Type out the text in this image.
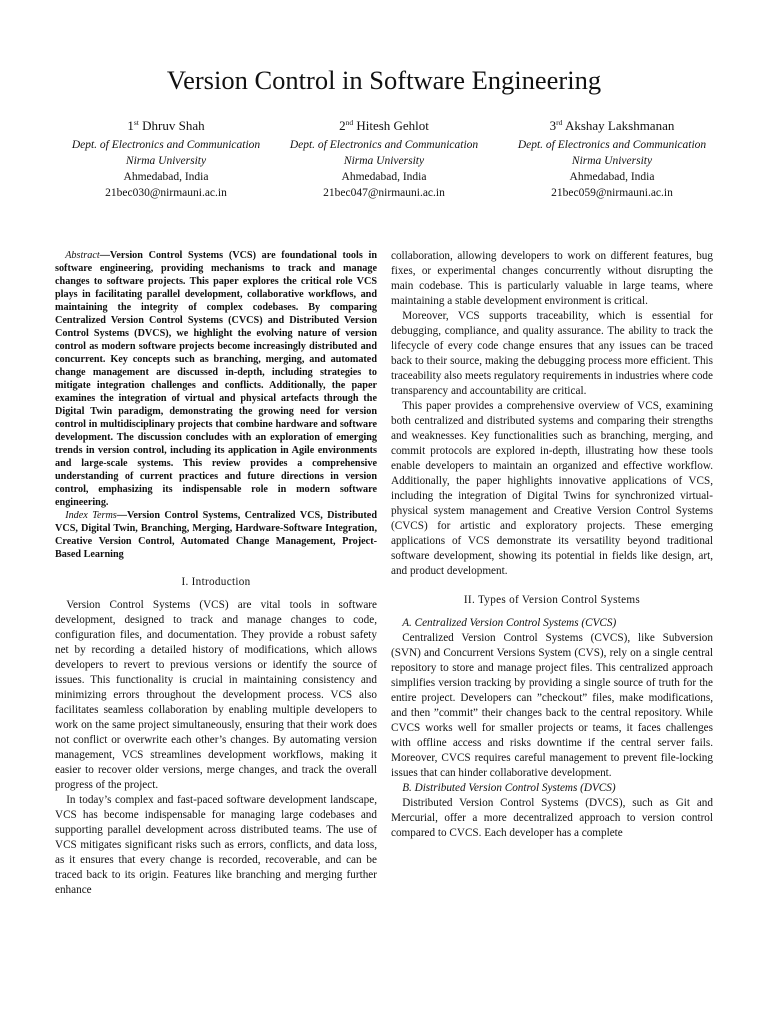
Version Control in Software Engineering
1st Dhruv Shah
Dept. of Electronics and Communication
Nirma University
Ahmedabad, India
21bec030@nirmauni.ac.in
2nd Hitesh Gehlot
Dept. of Electronics and Communication
Nirma University
Ahmedabad, India
21bec047@nirmauni.ac.in
3rd Akshay Lakshmanan
Dept. of Electronics and Communication
Nirma University
Ahmedabad, India
21bec059@nirmauni.ac.in

Abstract—Version Control Systems (VCS) are foundational tools in software engineering, providing mechanisms to track and manage changes to software projects. This paper explores the critical role VCS plays in facilitating parallel development, collaborative workflows, and maintaining the integrity of complex codebases. By comparing Centralized Version Control Systems (CVCS) and Distributed Version Control Systems (DVCS), we highlight the evolving nature of version control as modern software projects become increasingly distributed and concurrent. Key concepts such as branching, merging, and automated change management are discussed in-depth, including strategies to mitigate integration challenges and conflicts. Additionally, the paper examines the integration of virtual and physical artefacts through the Digital Twin paradigm, demonstrating the growing need for version control in multidisciplinary projects that combine hardware and software development. The discussion concludes with an exploration of emerging trends in version control, including its application in Agile environments and large-scale systems. This review provides a comprehensive understanding of current practices and future directions in version control, emphasizing its indispensable role in modern software engineering.

Index Terms—Version Control Systems, Centralized VCS, Distributed VCS, Digital Twin, Branching, Merging, Hardware-Software Integration, Creative Version Control, Automated Change Management, Project-Based Learning

I. Introduction

Version Control Systems (VCS) are vital tools in software development, designed to track and manage changes to code, configuration files, and documentation. They provide a robust safety net by recording a detailed history of modifications, which allows developers to revert to previous versions or identify the source of issues. This functionality is crucial in maintaining consistency and minimizing errors throughout the development process. VCS also facilitates seamless collaboration by enabling multiple developers to work on the same project simultaneously, ensuring that their work does not conflict or overwrite each other’s changes. By automating version management, VCS streamlines development workflows, making it easier to recover older versions, merge changes, and track the overall progress of the project.

In today’s complex and fast-paced software development landscape, VCS has become indispensable for managing large codebases and supporting parallel development across distributed teams. The use of VCS mitigates significant risks such as errors, conflicts, and data loss, as it ensures that every change is recorded, recoverable, and can be traced back to its origin. Features like branching and merging further enhance

collaboration, allowing developers to work on different features, bug fixes, or experimental changes concurrently without disrupting the main codebase. This is particularly valuable in large teams, where maintaining a stable development environment is critical.

Moreover, VCS supports traceability, which is essential for debugging, compliance, and quality assurance. The ability to track the lifecycle of every code change ensures that any issues can be traced back to their source, making the debugging process more efficient. This traceability also meets regulatory requirements in industries where code transparency and accountability are critical.

This paper provides a comprehensive overview of VCS, examining both centralized and distributed systems and comparing their strengths and weaknesses. Key functionalities such as branching, merging, and commit protocols are explored in-depth, illustrating how these tools enable developers to maintain an organized and effective workflow. Additionally, the paper highlights innovative applications of VCS, including the integration of Digital Twins for synchronized virtual-physical system management and Creative Version Control Systems (CVCS) for artistic and exploratory projects. These emerging applications of VCS demonstrate its versatility beyond traditional software development, showing its potential in fields like design, art, and product development.

II. Types of Version Control Systems

A. Centralized Version Control Systems (CVCS)

Centralized Version Control Systems (CVCS), like Subversion (SVN) and Concurrent Versions System (CVS), rely on a single central repository to store and manage project files. This centralized approach simplifies version tracking by providing a single source of truth for the entire project. Developers can ”checkout” files, make modifications, and then ”commit” their changes back to the central repository. While CVCS works well for smaller projects or teams, it faces challenges with offline access and risks downtime if the central server fails. Moreover, CVCS requires careful management to prevent file-locking issues that can hinder collaborative development.

B. Distributed Version Control Systems (DVCS)

Distributed Version Control Systems (DVCS), such as Git and Mercurial, offer a more decentralized approach to version control compared to CVCS. Each developer has a complete
